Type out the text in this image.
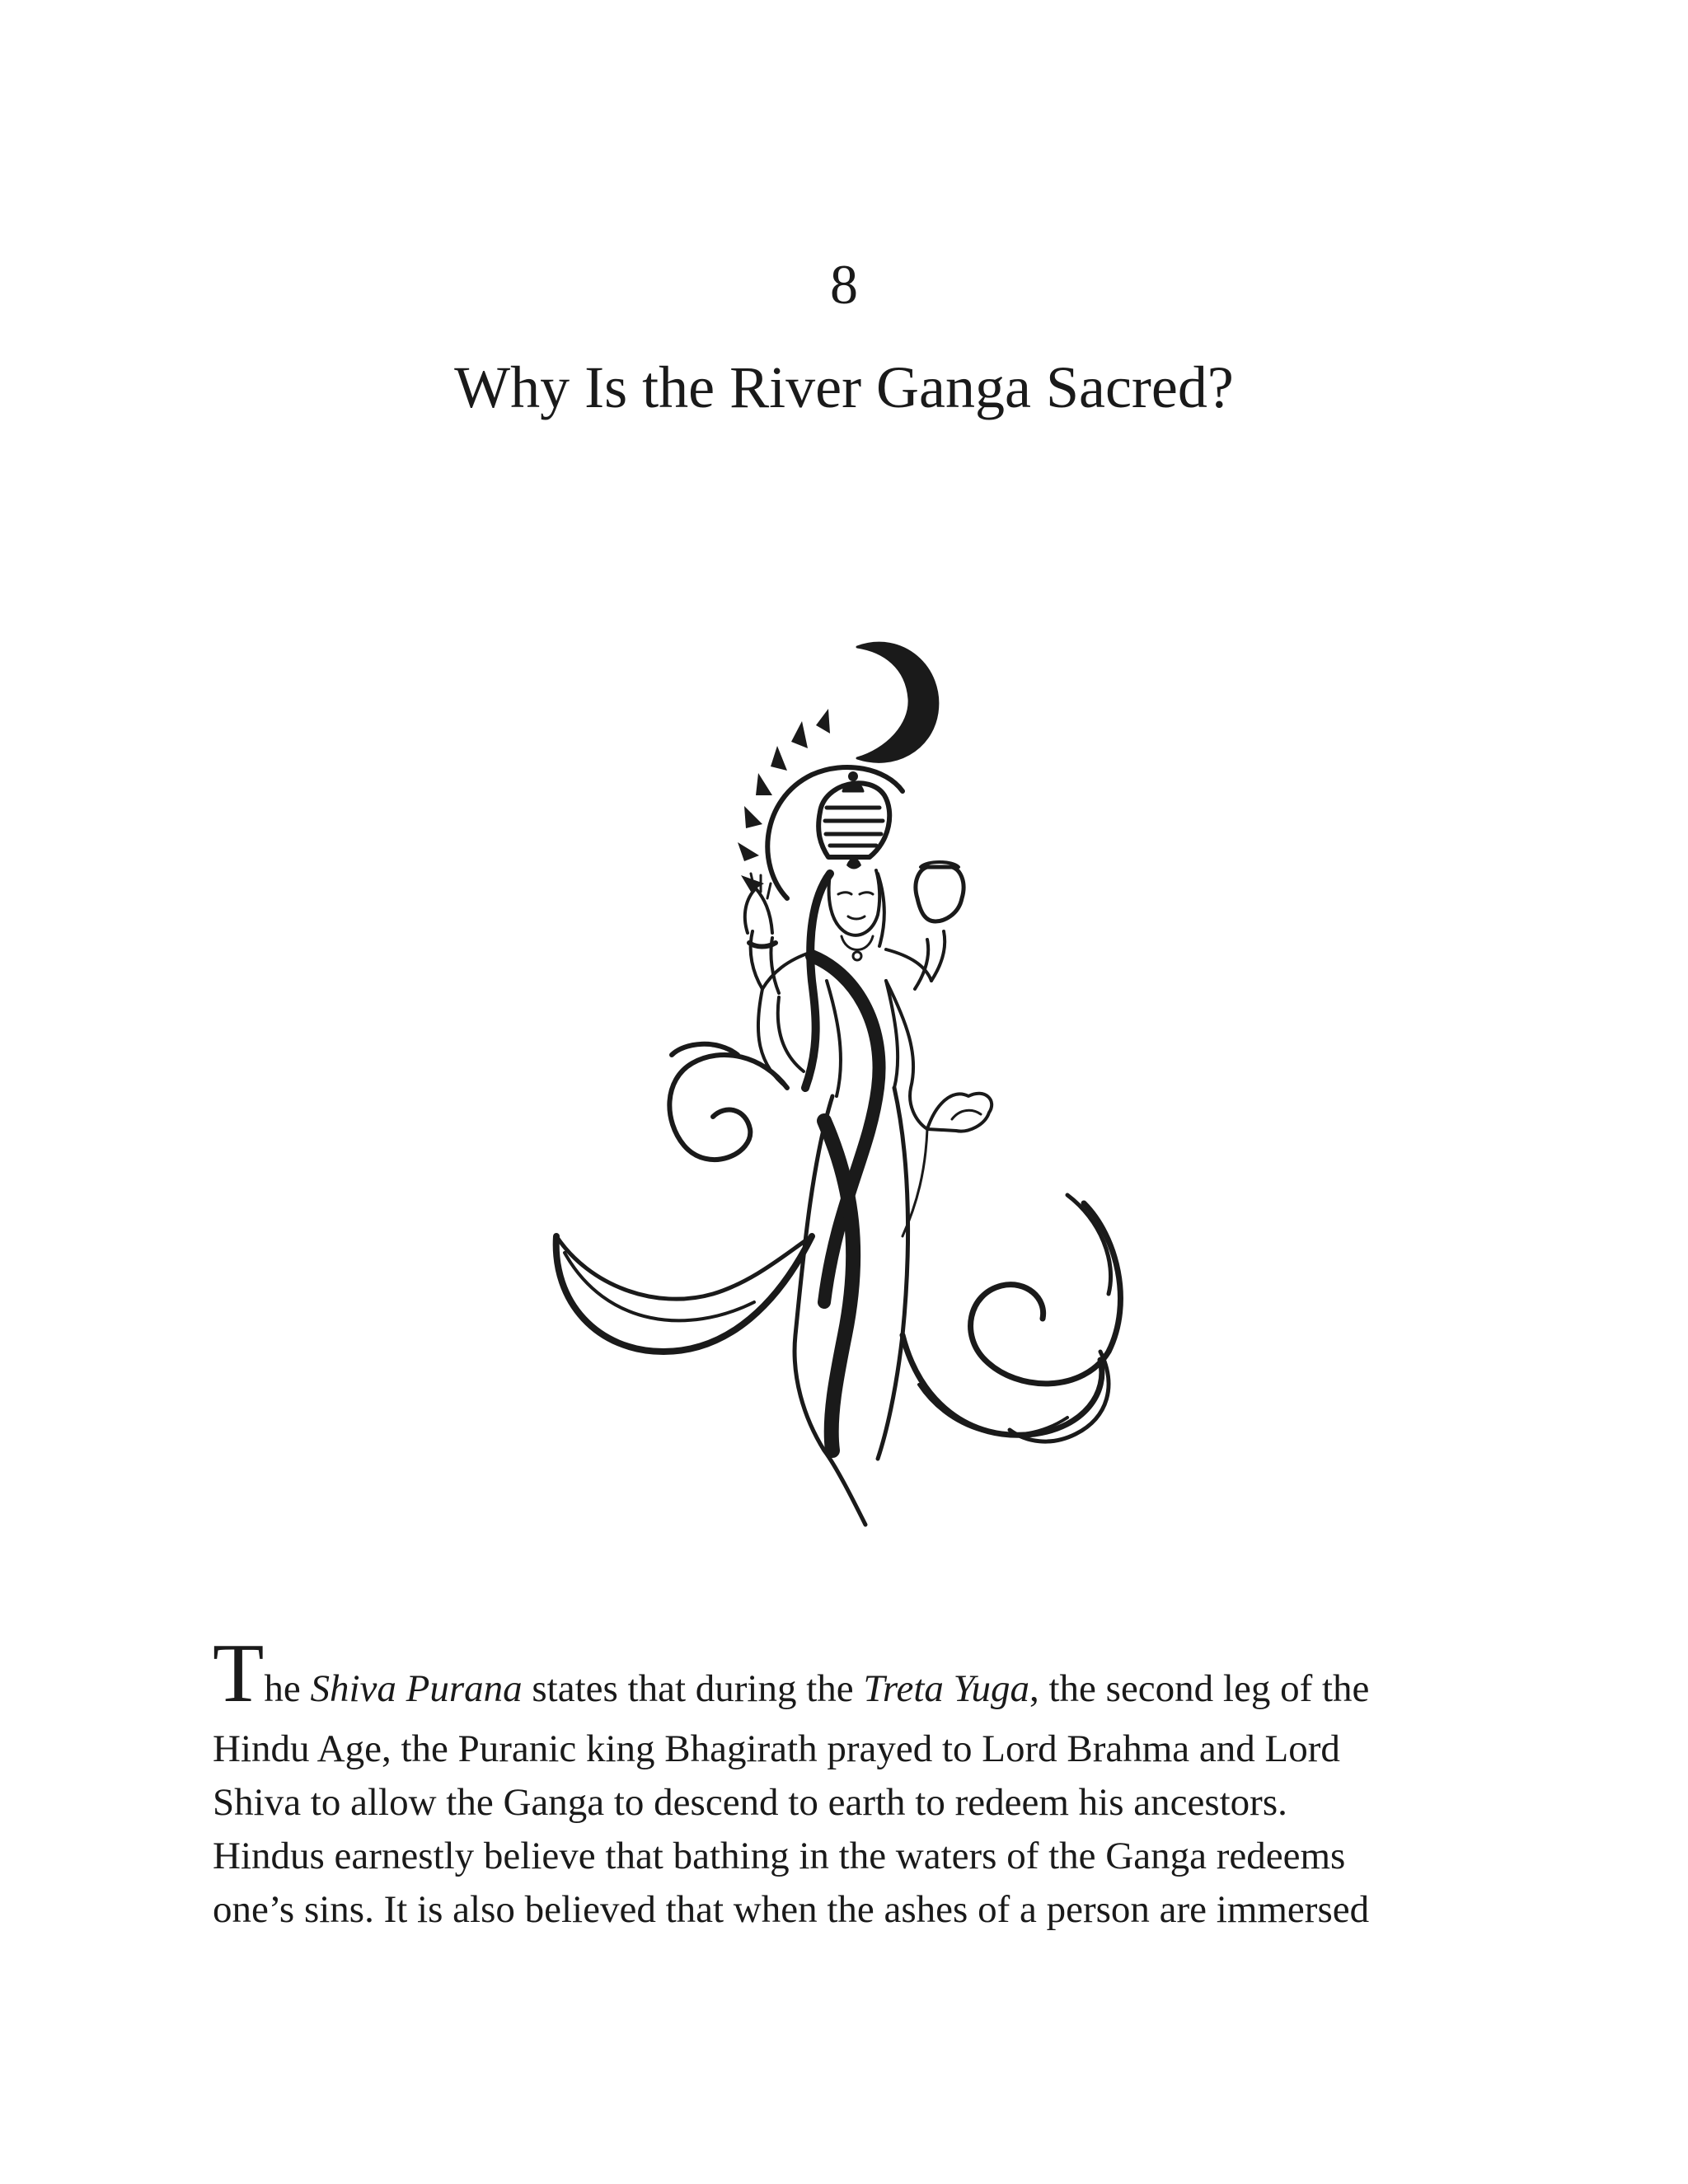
8
Why Is the River Ganga Sacred?
The Shiva Purana states that during the Treta Yuga, the second leg of the
Hindu Age, the Puranic king Bhagirath prayed to Lord Brahma and Lord
Shiva to allow the Ganga to descend to earth to redeem his ancestors.
Hindus earnestly believe that bathing in the waters of the Ganga redeems
one’s sins. It is also believed that when the ashes of a person are immersed
